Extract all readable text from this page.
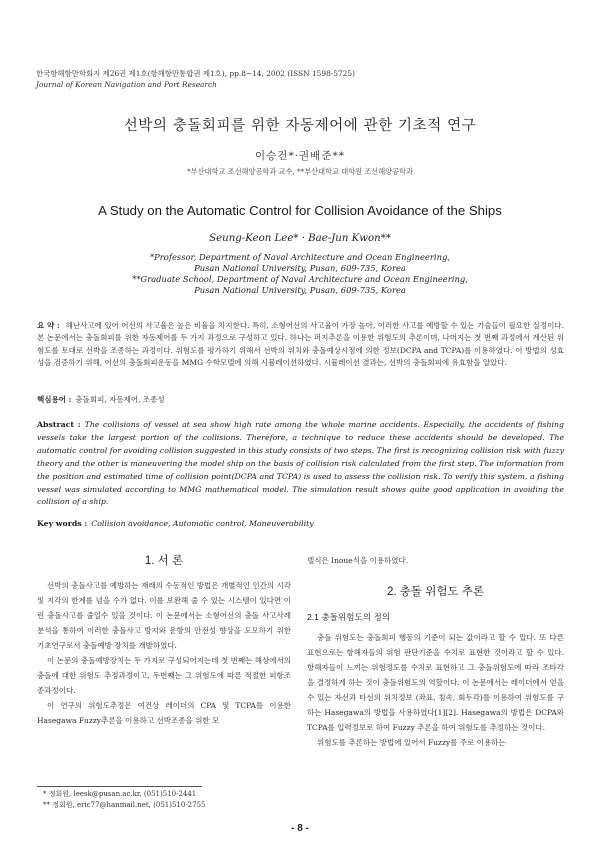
한국항해항만학회지 제26권 제1호(항해항만통합권 제1호), pp.8~14, 2002 (ISSN 1598-5725)
Journal of Korean Navigation and Port Research
선박의 충돌회피를 위한 자동제어에 관한 기초적 연구
이승건*·권배준**
*부산대학교 조선해양공학과 교수, **부산대학교 대학원 조선해양공학과
A Study on the Automatic Control for Collision Avoidance of the Ships
Seung-Keon Lee* · Bae-Jun Kwon**
*Professor, Department of Naval Architecture and Ocean Engineering,
Pusan National University, Pusan, 609-735, Korea
**Graduate School, Department of Naval Architecture and Ocean Engineering,
Pusan National University, Pusan, 609-735, Korea
요 약 : 해난사고에 있어 어선의 사고율은 높은 비율을 차지한다. 특히, 소형어선의 사고율이 가장 높아, 이러한 사고를 예방할 수 있는 기술들이 필요한 실정이다. 본 논문에서는 충돌회피를 위한 자동제어를 두 가지 과정으로 구성하고 있다. 하나는 퍼지추론을 이용한 위험도의 추론이며, 나머지는 첫 번째 과정에서 계산된 위험도를 토대로 선박을 조종하는 과정이다. 위험도를 평가하기 위해서 선박의 위치와 충돌예상시점에 의한 정보(DCPA and TCPA)를 이용하였다. 이 방법의 성효성을 검증하기 위해, 어선의 충돌회피운동을 MMG 수학모델에 의해 시뮬레이션하였다. 시뮬레이션 결과는, 선박의 충돌회피에 유효함을 알았다.
핵심용어 : 충돌회피, 자동제어, 조종성
Abstract : The collisions of vessel at sea show high rate among the whole marine accidents. Especially, the accidents of fishing vessels take the largest portion of the collisions. Therefore, a technique to reduce these accidents should be developed. The automatic control for avoiding collision suggested in this study consists of two steps. The first is recognizing collision risk with fuzzy theory and the other is maneuvering the model ship on the basis of collision risk calculated from the first step. The information from the position and estimated time of collision point(DCPA and TCPA) is used to assess the collision risk. To verify this system, a fishing vessel was simulated according to MMG mathematical model. The simulation result shows quite good application in avoiding the collision of a ship.
Key words : Collision avoidance, Automatic control, Maneuverability
1. 서 론

선박의 충돌사고를 예방하는 재래의 수동적인 방법은 개별적인 인간의 시각 및 지각의 한계를 넘을 수가 없다. 이를 보완해 줄 수 있는 시스템이 있다면 이런 충돌사고를 줄일수 있을 것이다. 이 논문에서는 소형어선의 충돌 사고사례분석을 통하여 이러한 충돌사고 방지와 운항의 안전성 향상을 도모하기 위한 기초연구로서 충돌예방 장치를 개발하였다.

이 논문의 충돌예방장치는 두 가지로 구성되어지는데 첫 번째는 해상에서의 충돌에 대한 위험도 추정과정이고, 두번째는 그 위험도에 따른 적절한 피항조종과정이다.

이 연구의 위험도추정은 여건상 레이더의 CPA 및 TCPA를 이용한 Hasegawa Fuzzy추론을 이용하고 선박조종을 위한 모

델식은 Inoue식을 이용하였다.
2. 충돌 위험도 추론
2.1 충돌위험도의 정의

충돌 위험도는 충돌회피 행동의 기준이 되는 값이라고 할 수 있다. 또 다른 표현으로는 항해자들의 위험 판단기준을 수치로 표현한 것이라고 할 수 있다. 항해자들이 느끼는 위험정도를 수치로 표현하고 그 충돌위험도에 따라 조타각을 결정하게 하는 것이 충돌위험도의 역할이다. 이 논문에서는 레이더에서 얻을 수 있는 자선과 타선의 위치정보 (좌표, 침속, 회두각)를 이용하여 위험도를 구하는 Hasegawa의 방법을 사용하였다[1][2]. Hasegawa의 방법은 DCPA와 TCPA를 입력정보로 하여 Fuzzy 추론을 하여 위험도를 추정하는 것이다.

위험도를 추론하는 방법에 있어서 Fuzzy를 주로 이용하는

* 정회원, leesk@pusan.ac.kr, (051)510-2441
** 정회원, eric77@hanmail.net, (051)510-2755
- 8 -
